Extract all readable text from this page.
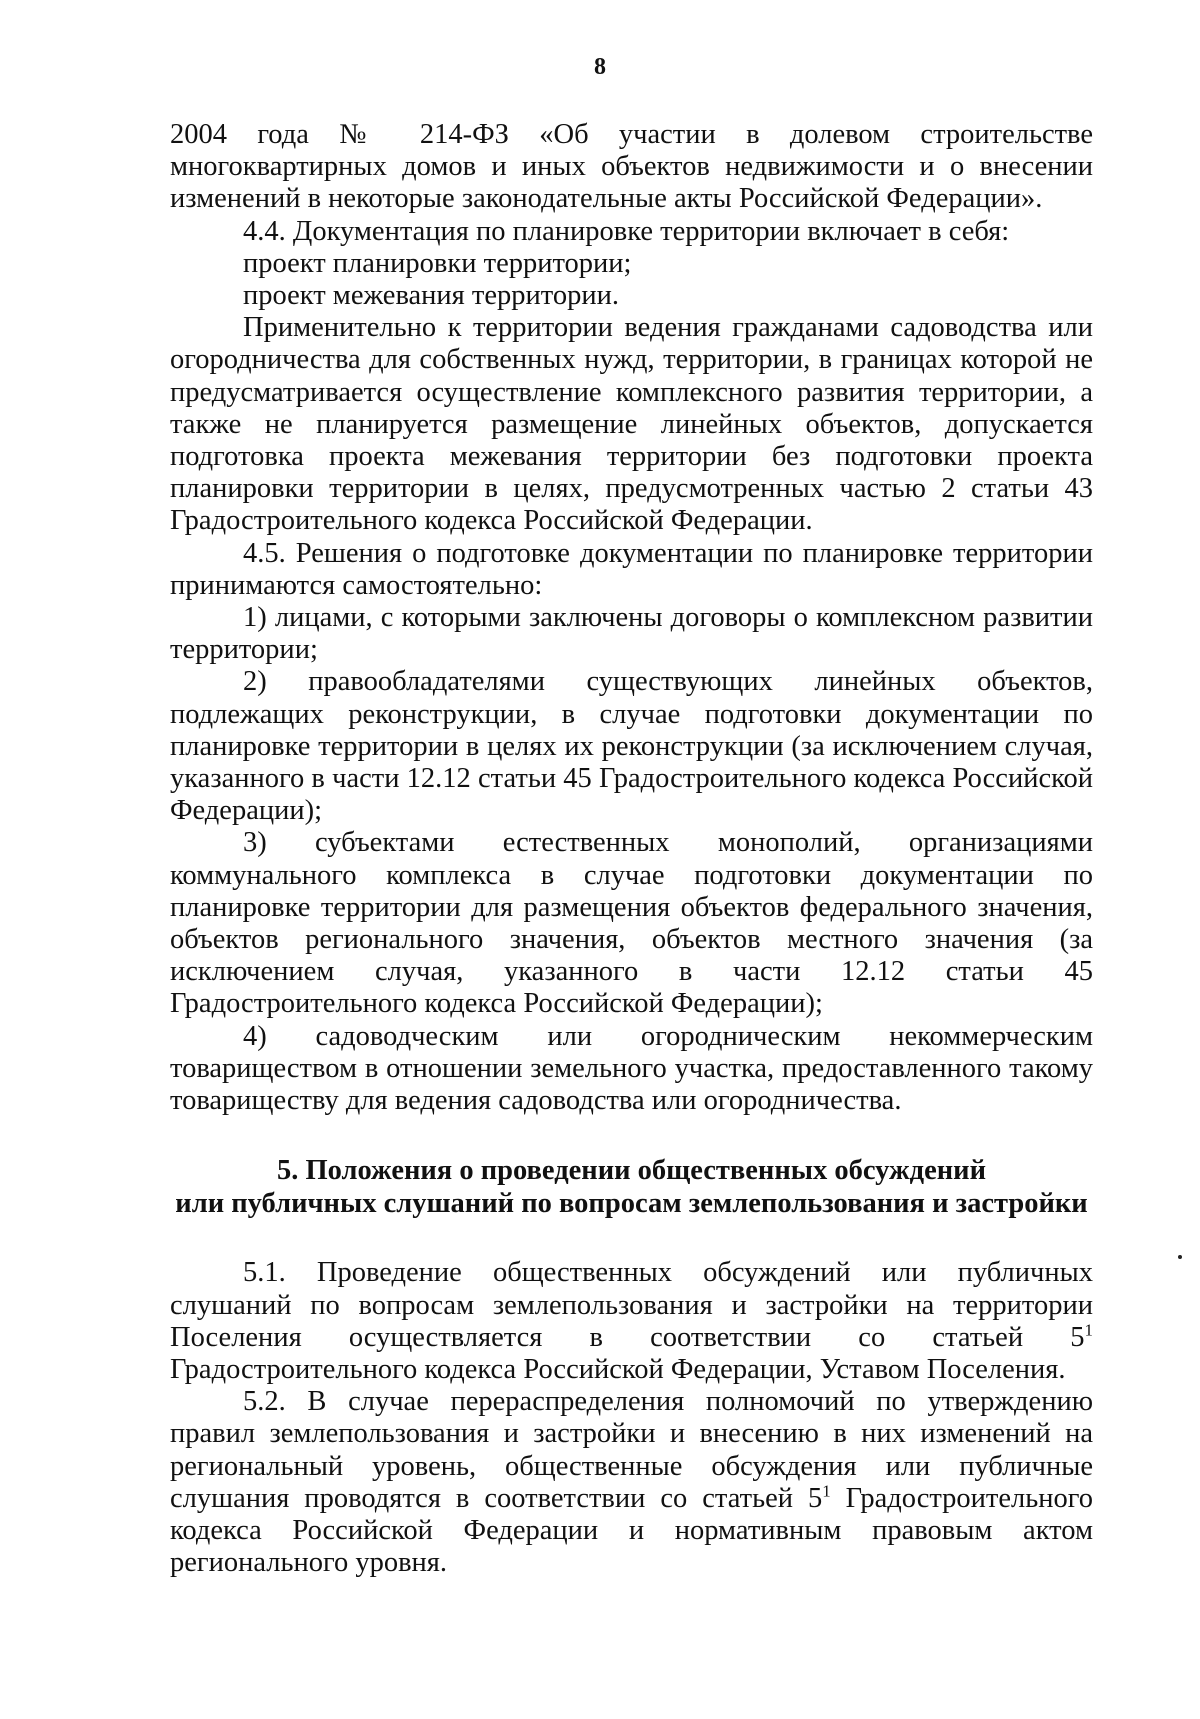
8

2004 года № 214-ФЗ «Об участии в долевом строительстве многоквартирных домов и иных объектов недвижимости и о внесении изменений в некоторые законодательные акты Российской Федерации».

4.4. Документация по планировке территории включает в себя:

проект планировки территории;

проект межевания территории.

Применительно к территории ведения гражданами садоводства или огородничества для собственных нужд, территории, в границах которой не предусматривается осуществление комплексного развития территории, а также не планируется размещение линейных объектов, допускается подготовка проекта межевания территории без подготовки проекта планировки территории в целях, предусмотренных частью 2 статьи 43 Градостроительного кодекса Российской Федерации.

4.5. Решения о подготовке документации по планировке территории принимаются самостоятельно:

1) лицами, с которыми заключены договоры о комплексном развитии территории;

2) правообладателями существующих линейных объектов, подлежащих реконструкции, в случае подготовки документации по планировке территории в целях их реконструкции (за исключением случая, указанного в части 12.12 статьи 45 Градостроительного кодекса Российской Федерации);

3) субъектами естественных монополий, организациями коммунального комплекса в случае подготовки документации по планировке территории для размещения объектов федерального значения, объектов регионального значения, объектов местного значения (за исключением случая, указанного в части 12.12 статьи 45 Градостроительного кодекса Российской Федерации);

4) садоводческим или огородническим некоммерческим товариществом в отношении земельного участка, предоставленного такому товариществу для ведения садоводства или огородничества.

5. Положения о проведении общественных обсуждений
или публичных слушаний по вопросам землепользования и застройки

5.1. Проведение общественных обсуждений или публичных слушаний по вопросам землепользования и застройки на территории Поселения осуществляется в соответствии со статьей $5^1$ Градостроительного кодекса Российской Федерации, Уставом Поселения.

5.2. В случае перераспределения полномочий по утверждению правил землепользования и застройки и внесению в них изменений на региональный уровень, общественные обсуждения или публичные слушания проводятся в соответствии со статьей $5^1$ Градостроительного кодекса Российской Федерации и нормативным правовым актом регионального уровня.
